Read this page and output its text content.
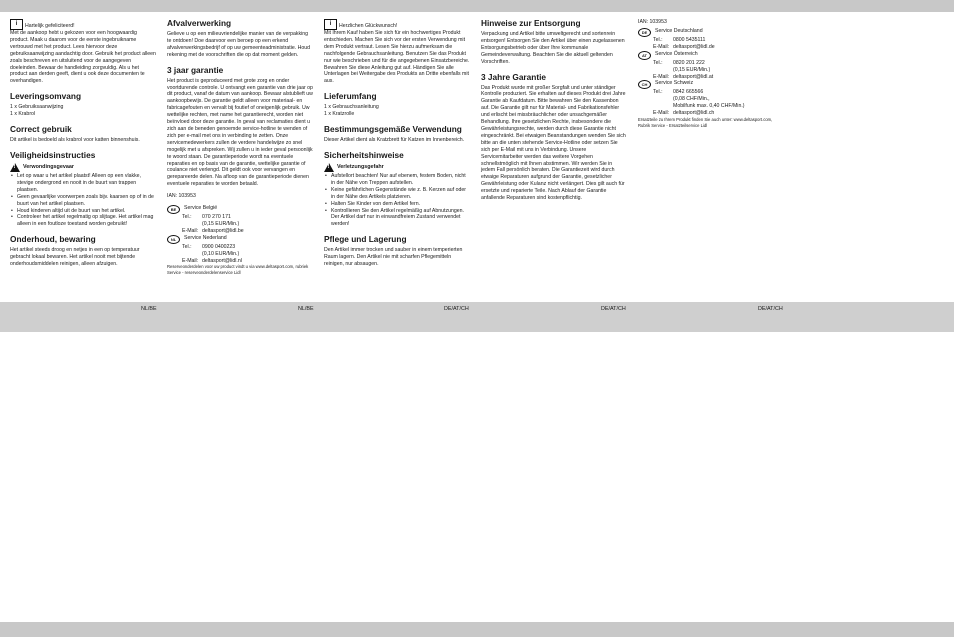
i	Hartelijk gefeliciteerd!

Met de aankoop hebt u gekozen voor een hoogwaardig product. Maak u daarom voor de eerste ingebruikname vertrouwd met het product. Lees hiervoor deze gebruiksaanwijzing aandachtig door. Gebruik het product alleen zoals beschreven en uitsluitend voor de aangegeven doeleinden. Bewaar de handleiding zorgvuldig. Als u het product aan derden geeft, dient u ook deze documenten te overhandigen.

Leveringsomvang

1 x Gebruiksaanwijzing

1 x Krabrol

Correct gebruik

Dit artikel is bedoeld als krabrol voor katten binnenshuis.

Veiligheidsinstructies
!
Verwondingsgevaar
• Let op waar u het artikel plaatst! Alleen op een vlakke, stevige ondergrond en nooit in de buurt van trappen plaatsen.
• Geen gevaarlijke voorwerpen zoals bijv. kaarsen op of in de buurt van het artikel plaatsen.
• Houd kinderen altijd uit de buurt van het artikel.
• Controleer het artikel regelmatig op slijtage. Het artikel mag alleen in een foutloze toestand worden gebruikt!
Onderhoud, bewaring

Het artikel steeds droog en netjes in een op temperatuur gebracht lokaal bewaren. Het artikel nooit met bijtende onderhoudsmiddelen reinigen, alleen afzuigen.

Afvalverwerking

Gelieve u op een milieuvriendelijke manier van de verpakking te ontdoen! Doe daarvoor een beroep op een erkend afvalverwerkingsbedrijf of op uw gemeenteadministratie. Houd rekening met de voorschriften die op dat moment gelden.

3 jaar garantie

Het product is geproduceerd met grote zorg en onder voortdurende controle. U ontvangt een garantie van drie jaar op dit product, vanaf de datum van aankoop. Bewaar alstublieft uw aankoopbewijs. De garantie geldt alleen voor materiaal- en fabricagefouten en vervalt bij foutief of oneigenlijk gebruik. Uw wettelijke rechten, met name het garantierecht, worden niet beïnvloed door deze garantie. In geval van reclamaties dient u zich aan de beneden genoemde service-hotline te wenden of zich per e-mail met ons in verbinding te zetten. Onze servicemedewerkers zullen de verdere handelwijze zo snel mogelijk met u afspreken. Wij zullen u in ieder geval persoonlijk te woord staan. De garantieperiode wordt na eventuele reparaties en op basis van de garantie, wettelijke garantie of coulance niet verlengd. Dit geldt ook voor vervangen en gerepareerde delen. Na afloop van de garantieperiode dienen eventuele reparaties te worden betaald.

IAN: 103953

BE	Service België
Tel.:	070 270 171
(0,15 EUR/Min.)
E-Mail: deltasport@lidl.be
NL	Service Nederland
Tel.:	0900 0400223
(0,10 EUR/Min.)
E-Mail: deltasport@lidl.nl

Reserveonderdelen voor uw product vindt u via www.deltasport.com, rubriek Service - reserveonderdelenservice Lidl

i	Herzlichen Glückwunsch!

Mit Ihrem Kauf haben Sie sich für ein hochwertiges Produkt entschieden. Machen Sie sich vor der ersten Verwendung mit dem Produkt vertraut. Lesen Sie hierzu aufmerksam die nachfolgende Gebrauchsanleitung. Benutzen Sie das Produkt nur wie beschrieben und für die angegebenen Einsatzbereiche. Bewahren Sie diese Anleitung gut auf. Händigen Sie alle Unterlagen bei Weitergabe des Produkts an Dritte ebenfalls mit aus.

Lieferumfang

1 x Gebrauchsanleitung

1 x Kratzrolle

Bestimmungsgemäße Verwendung

Dieser Artikel dient als Kratzbrett für Katzen im Innenbereich.

Sicherheitshinweise
!
Verletzungsgefahr
• Aufstellort beachten! Nur auf ebenem, festem Boden, nicht in der Nähe von Treppen aufstellen.
• Keine gefährlichen Gegenstände wie z. B. Kerzen auf oder in der Nähe des Artikels platzieren.
• Halten Sie Kinder von dem Artikel fern.
• Kontrollieren Sie den Artikel regelmäßig auf Abnutzungen. Der Artikel darf nur in einwandfreiem Zustand verwendet werden!
Pflege und Lagerung

Den Artikel immer trocken und sauber in einem temperierten Raum lagern. Den Artikel nie mit scharfen Pflegemitteln reinigen, nur absaugen.

Hinweise zur Entsorgung

Verpackung und Artikel bitte umweltgerecht und sortenrein entsorgen! Entsorgen Sie den Artikel über einen zugelassenen Entsorgungsbetrieb oder über Ihre kommunale Gemeindeverwaltung. Beachten Sie die aktuell geltenden Vorschriften.

3 Jahre Garantie

Das Produkt wurde mit großer Sorgfalt und unter ständiger Kontrolle produziert. Sie erhalten auf dieses Produkt drei Jahre Garantie ab Kaufdatum. Bitte bewahren Sie den Kassenbon auf. Die Garantie gilt nur für Material- und Fabrikationsfehler und erlischt bei missbräuchlicher oder unsachgemäßer Behandlung. Ihre gesetzlichen Rechte, insbesondere die Gewährleistungsrechte, werden durch diese Garantie nicht eingeschränkt. Bei etwaigen Beanstandungen wenden Sie sich bitte an die unten stehende Service-Hotline oder setzen Sie sich per E-Mail mit uns in Verbindung. Unsere Servicemitarbeiter werden das weitere Vorgehen schnellstmöglich mit Ihnen abstimmen. Wir werden Sie in jedem Fall persönlich beraten. Die Garantiezeit wird durch etwaige Reparaturen aufgrund der Garantie, gesetzlicher Gewährleistung oder Kulanz nicht verlängert. Dies gilt auch für ersetzte und reparierte Teile. Nach Ablauf der Garantie anfallende Reparaturen sind kostenpflichtig.

IAN: 103953

DE	Service Deutschland
Tel.:	0800 5435111
E-Mail: deltasport@lidl.de
AT	Service Österreich
Tel.:	0820 201 222
(0,15 EUR/Min.)
E-Mail: deltasport@lidl.at
CH	Service Schweiz
Tel.:	0842 665566
(0,08 CHF/Min.,
Mobilfunk max. 0,40 CHF/Min.)
E-Mail: deltasport@lidl.ch

Ersatzteile zu Ihrem Produkt finden Sie auch unter: www.deltasport.com, Rubrik Service - Ersatzteilservice Lidl

NL/BE	NL/BE	DE/AT/CH	DE/AT/CH	DE/AT/CH
